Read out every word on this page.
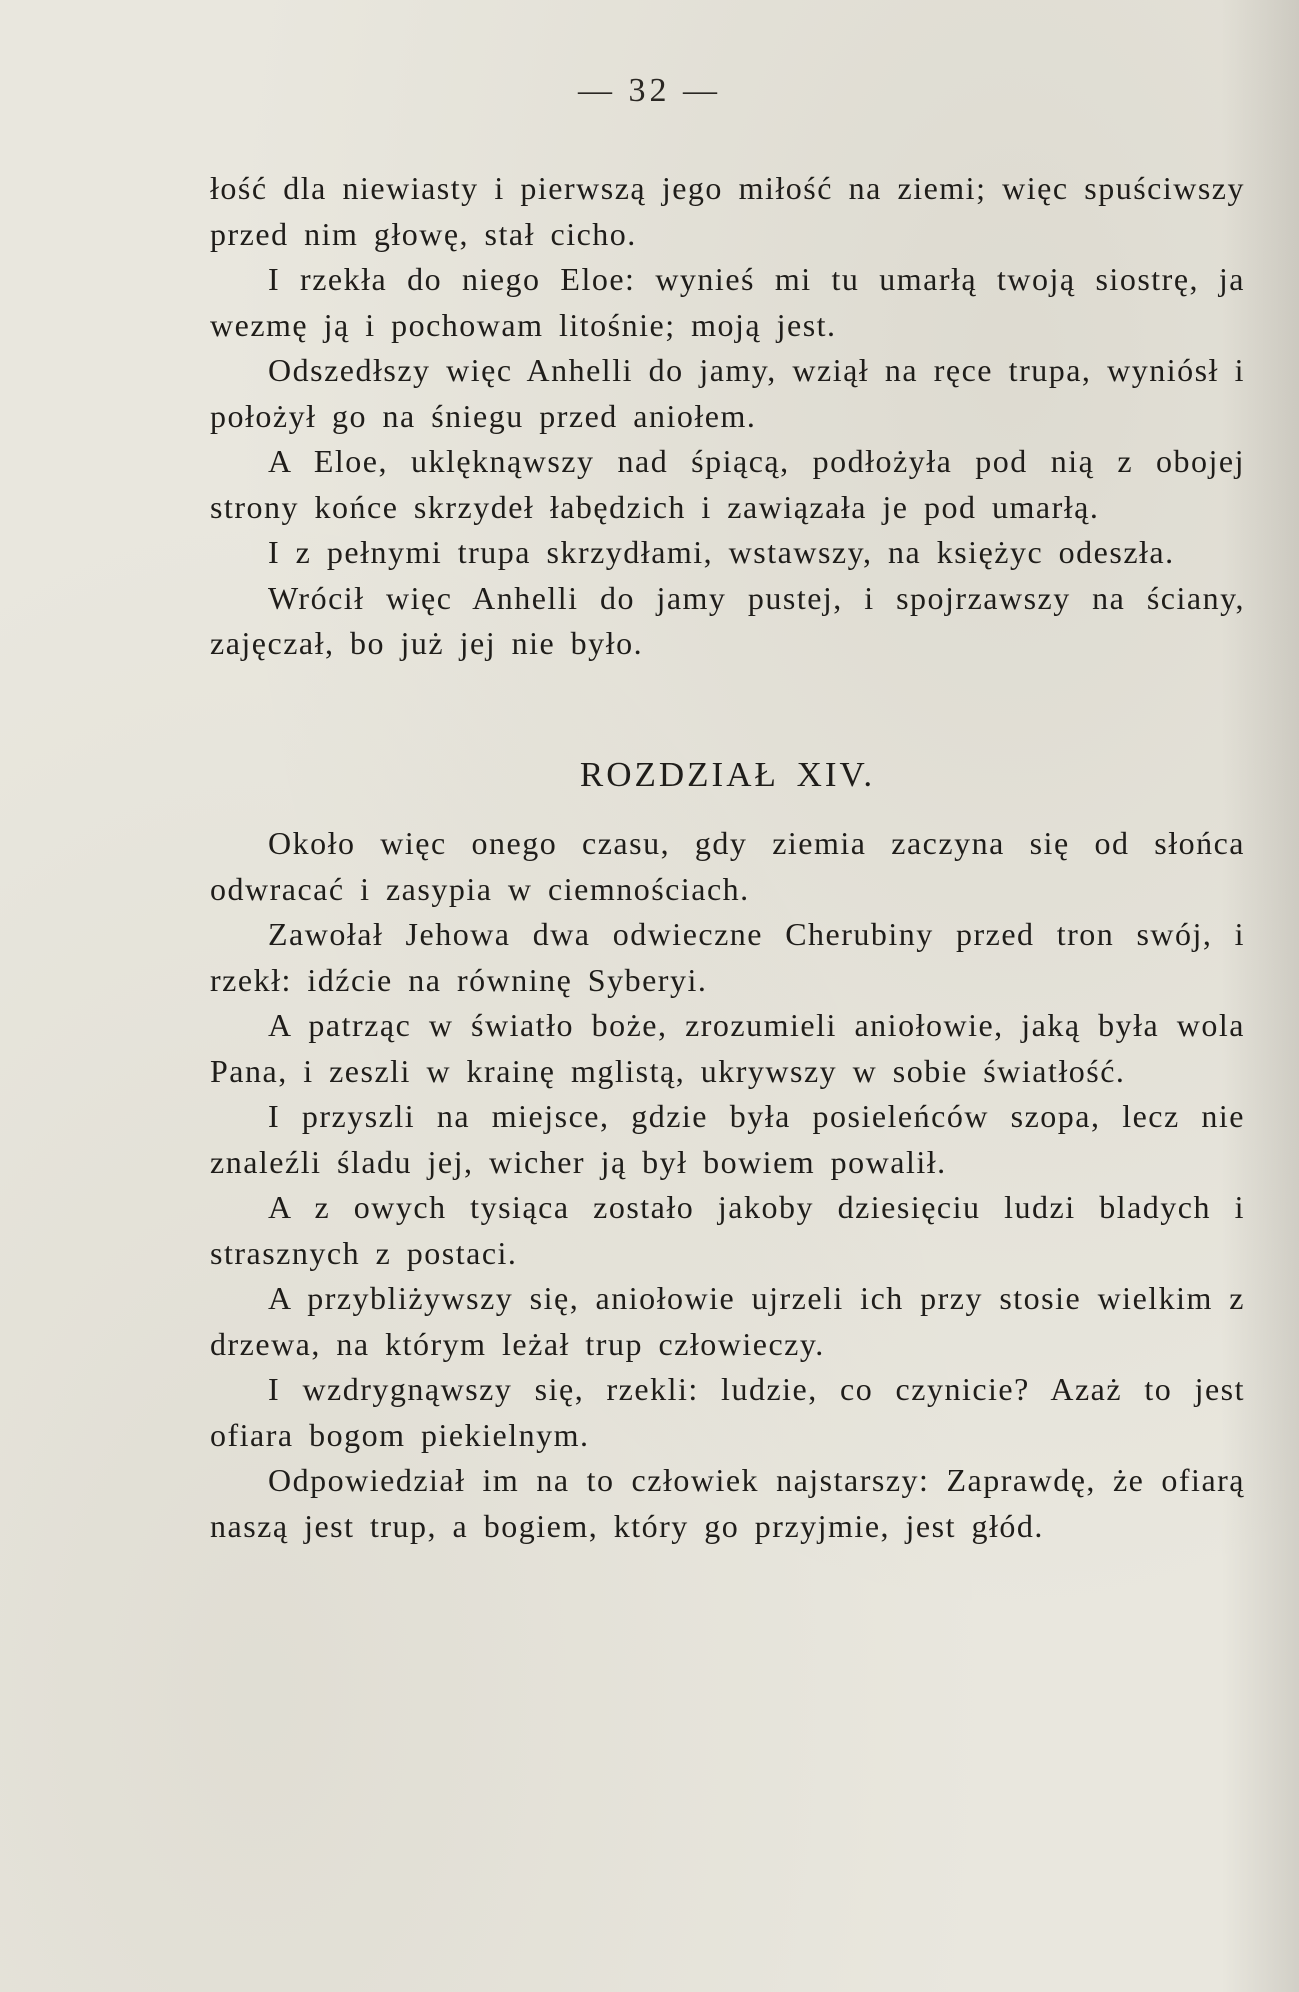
— 32 —

łość dla niewiasty i pierwszą jego miłość na ziemi; więc spuściwszy przed nim głowę, stał cicho.

I rzekła do niego Eloe: wynieś mi tu umarłą twoją siostrę, ja wezmę ją i pochowam litośnie; moją jest.

Odszedłszy więc Anhelli do jamy, wziął na ręce trupa, wyniósł i położył go na śniegu przed aniołem.

A Eloe, uklęknąwszy nad śpiącą, podłożyła pod nią z obojej strony końce skrzydeł łabędzich i zawiązała je pod umarłą.

I z pełnymi trupa skrzydłami, wstawszy, na księżyc odeszła.

Wrócił więc Anhelli do jamy pustej, i spojrzawszy na ściany, zajęczał, bo już jej nie było.

ROZDZIAŁ XIV.

Około więc onego czasu, gdy ziemia zaczyna się od słońca odwracać i zasypia w ciemnościach.

Zawołał Jehowa dwa odwieczne Cherubiny przed tron swój, i rzekł: idźcie na równinę Syberyi.

A patrząc w światło boże, zrozumieli aniołowie, jaką była wola Pana, i zeszli w krainę mglistą, ukrywszy w sobie światłość.

I przyszli na miejsce, gdzie była posieleńców szopa, lecz nie znaleźli śladu jej, wicher ją był bowiem powalił.

A z owych tysiąca zostało jakoby dziesięciu ludzi bladych i strasznych z postaci.

A przybliżywszy się, aniołowie ujrzeli ich przy stosie wielkim z drzewa, na którym leżał trup człowieczy.

I wzdrygnąwszy się, rzekli: ludzie, co czynicie? Azaż to jest ofiara bogom piekielnym.

Odpowiedział im na to człowiek najstarszy: Zaprawdę, że ofiarą naszą jest trup, a bogiem, który go przyjmie, jest głód.
